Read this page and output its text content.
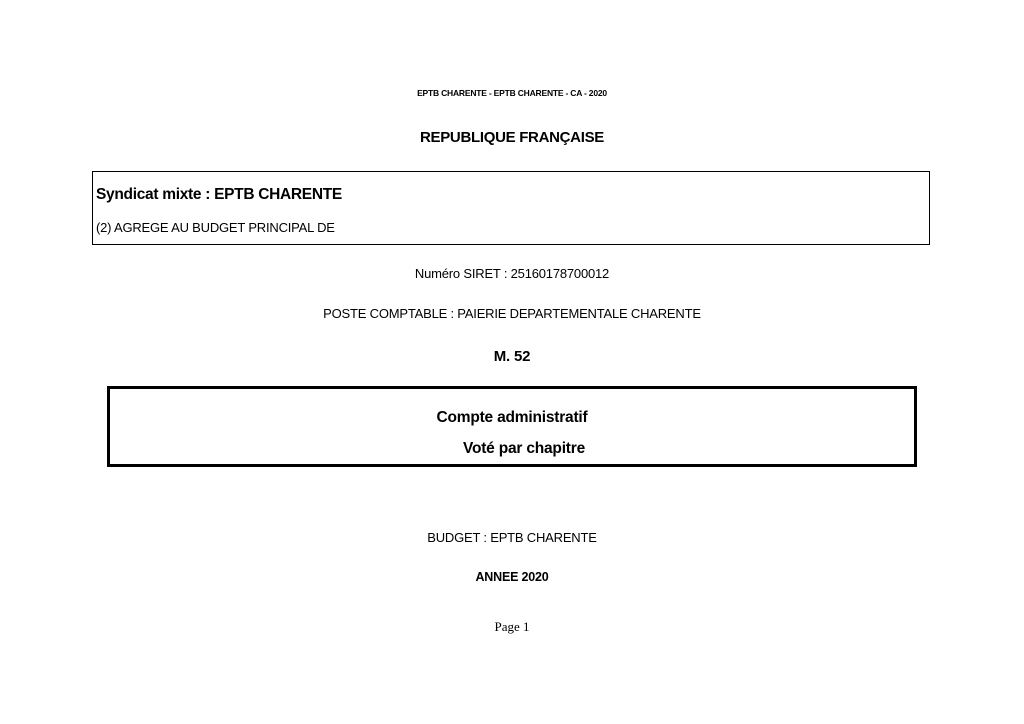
EPTB CHARENTE - EPTB CHARENTE - CA - 2020
REPUBLIQUE FRANÇAISE
Syndicat mixte : EPTB CHARENTE
(2) AGREGE AU BUDGET PRINCIPAL DE
Numéro SIRET : 25160178700012
POSTE COMPTABLE : PAIERIE DEPARTEMENTALE CHARENTE
M. 52
Compte administratif
Voté par chapitre
BUDGET : EPTB CHARENTE
ANNEE 2020
Page 1
